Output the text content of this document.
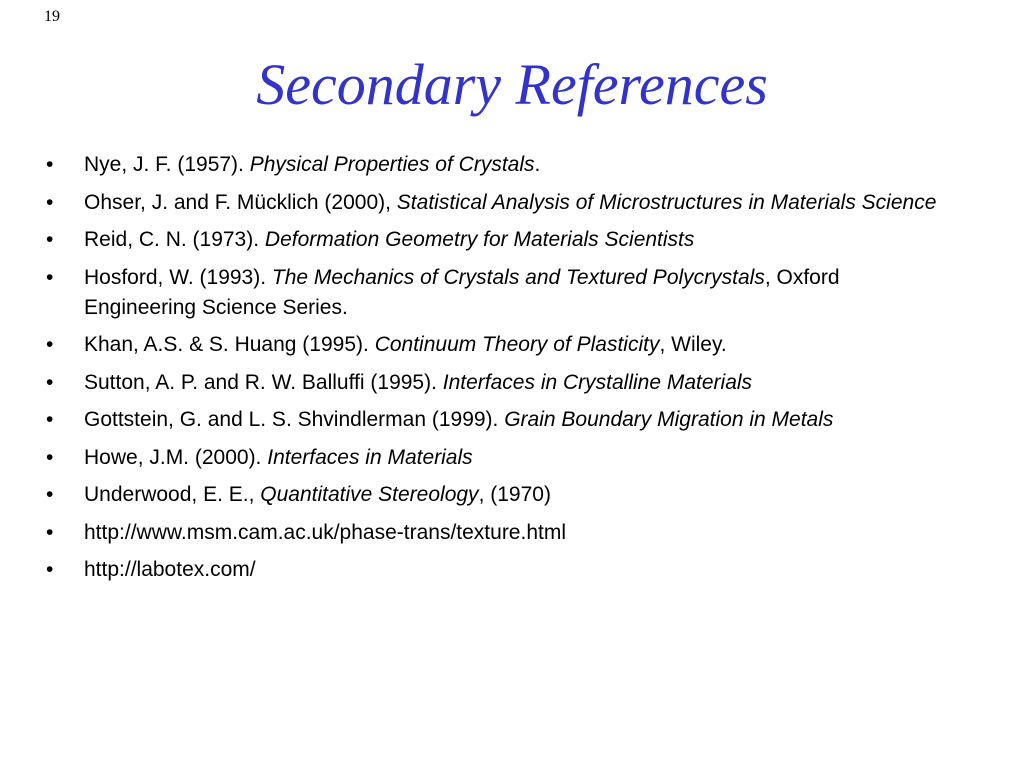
19
Secondary References
•	Nye, J. F. (1957). Physical Properties of Crystals.
•	Ohser, J. and F. Mücklich (2000), Statistical Analysis of Microstructures in Materials Science
•	Reid, C. N. (1973). Deformation Geometry for Materials Scientists
•	Hosford, W. (1993). The Mechanics of Crystals and Textured Polycrystals, Oxford Engineering Science Series.
•	Khan, A.S. & S. Huang (1995). Continuum Theory of Plasticity, Wiley.
•	Sutton, A. P. and R. W. Balluffi (1995). Interfaces in Crystalline Materials
•	Gottstein, G. and L. S. Shvindlerman (1999). Grain Boundary Migration in Metals
•	Howe, J.M. (2000). Interfaces in Materials
•	Underwood, E. E., Quantitative Stereology, (1970)
•	http://www.msm.cam.ac.uk/phase-trans/texture.html
•	http://labotex.com/
